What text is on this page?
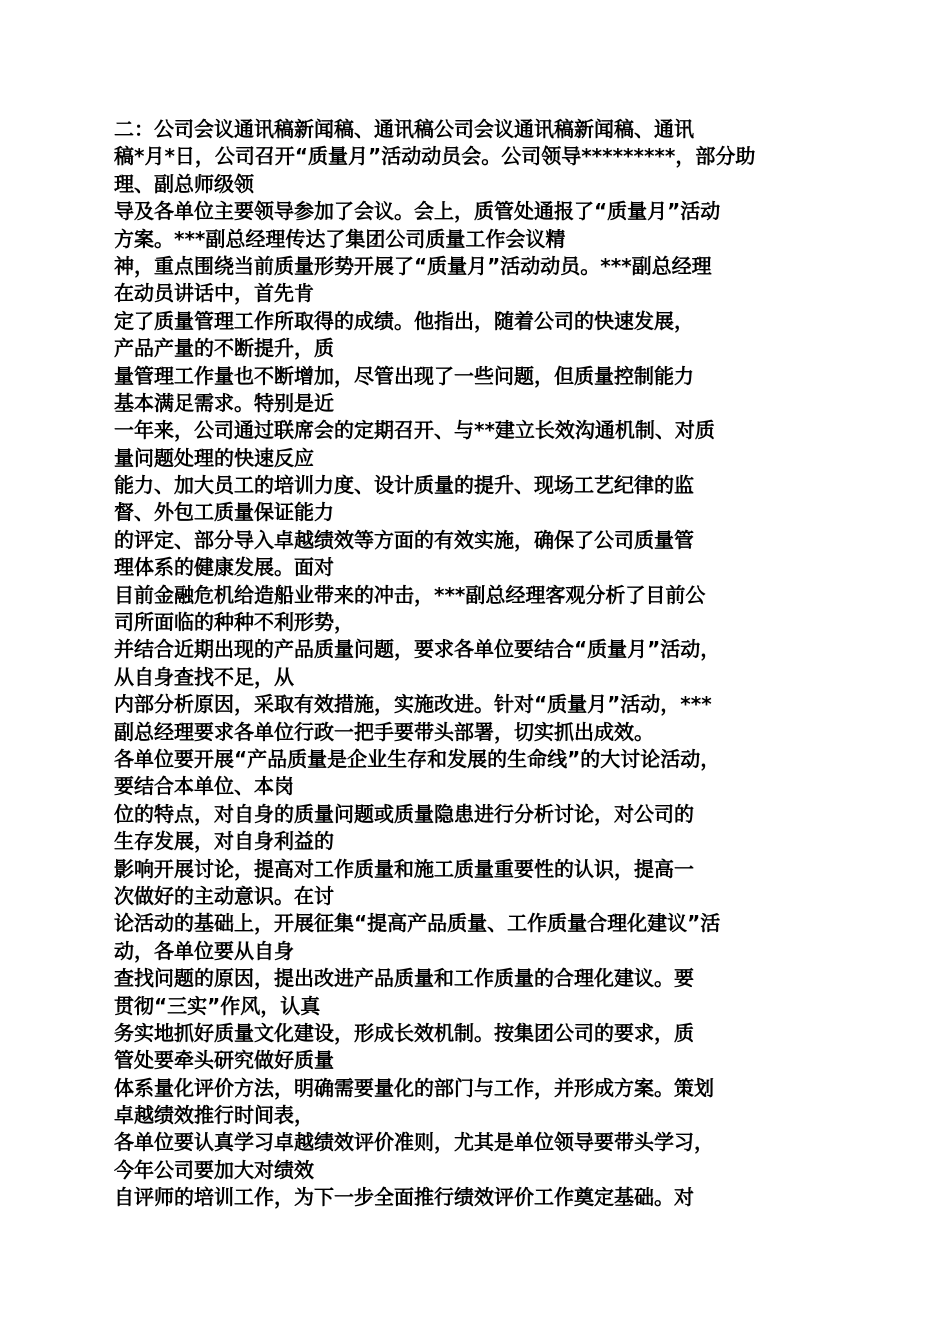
二：公司会议通讯稿新闻稿、通讯稿公司会议通讯稿新闻稿、通讯
稿*月*日，公司召开“质量月”活动动员会。公司领导*********，部分助
理、副总师级领
导及各单位主要领导参加了会议。会上，质管处通报了“质量月”活动
方案。***副总经理传达了集团公司质量工作会议精
神，重点围绕当前质量形势开展了“质量月”活动动员。***副总经理
在动员讲话中，首先肯
定了质量管理工作所取得的成绩。他指出，随着公司的快速发展，
产品产量的不断提升，质
量管理工作量也不断增加，尽管出现了一些问题，但质量控制能力
基本满足需求。特别是近
一年来，公司通过联席会的定期召开、与**建立长效沟通机制、对质
量问题处理的快速反应
能力、加大员工的培训力度、设计质量的提升、现场工艺纪律的监
督、外包工质量保证能力
的评定、部分导入卓越绩效等方面的有效实施，确保了公司质量管
理体系的健康发展。面对
目前金融危机给造船业带来的冲击，***副总经理客观分析了目前公
司所面临的种种不利形势，
并结合近期出现的产品质量问题，要求各单位要结合“质量月”活动，
从自身查找不足，从
内部分析原因，采取有效措施，实施改进。针对“质量月”活动，***
副总经理要求各单位行政一把手要带头部署，切实抓出成效。
各单位要开展“产品质量是企业生存和发展的生命线”的大讨论活动，
要结合本单位、本岗
位的特点，对自身的质量问题或质量隐患进行分析讨论，对公司的
生存发展，对自身利益的
影响开展讨论，提高对工作质量和施工质量重要性的认识，提高一
次做好的主动意识。在讨
论活动的基础上，开展征集“提高产品质量、工作质量合理化建议”活
动，各单位要从自身
查找问题的原因，提出改进产品质量和工作质量的合理化建议。要
贯彻“三实”作风，认真
务实地抓好质量文化建设，形成长效机制。按集团公司的要求，质
管处要牵头研究做好质量
体系量化评价方法，明确需要量化的部门与工作，并形成方案。策划
卓越绩效推行时间表，
各单位要认真学习卓越绩效评价准则，尤其是单位领导要带头学习，
今年公司要加大对绩效
自评师的培训工作，为下一步全面推行绩效评价工作奠定基础。对
